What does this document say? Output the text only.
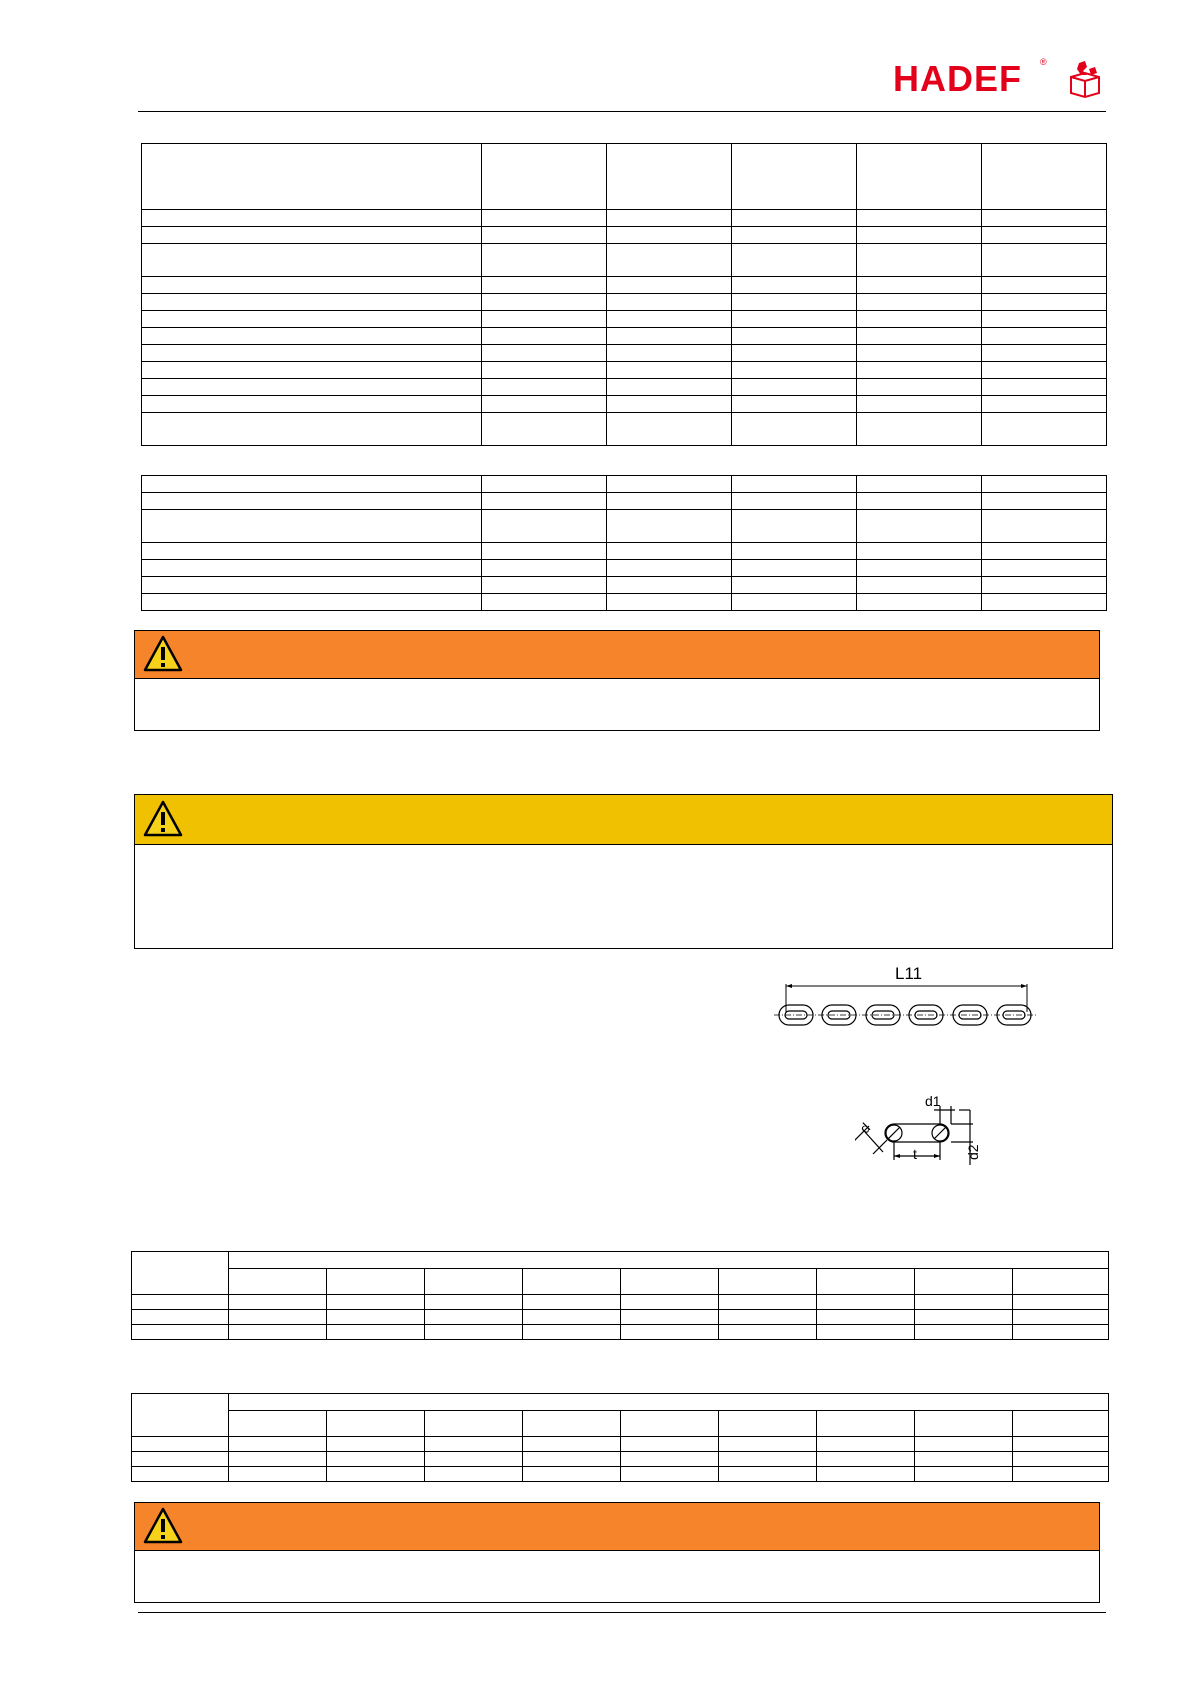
HADEF ®

L11
d1
t	d2
d
